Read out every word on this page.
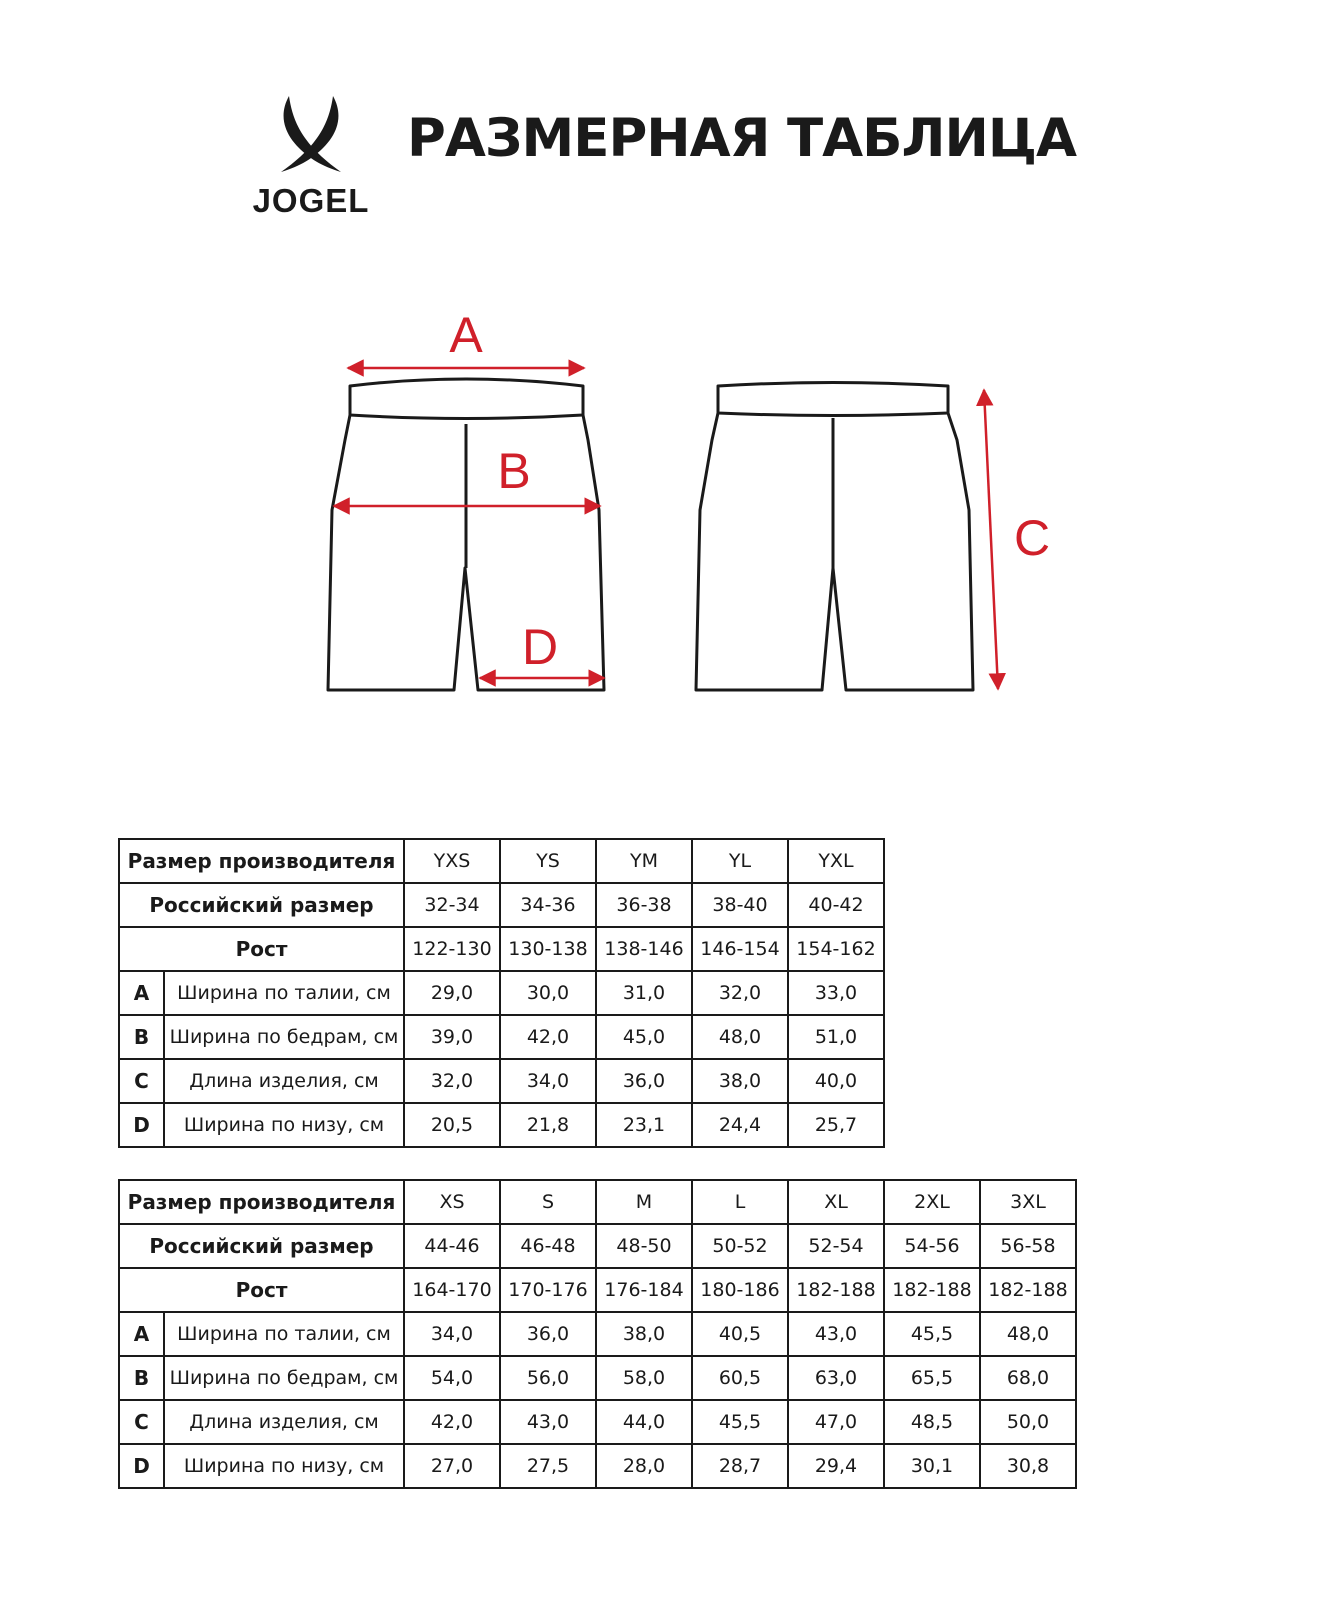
JOGEL
РАЗМЕРНАЯ ТАБЛИЦА
A
B
C
D
Размер производителя		YXS	YS	YM	YL	YXL
Российский размер		32-34	34-36	36-38	38-40	40-42
Рост		122-130	130-138	138-146	146-154	154-162
A	Ширина по талии, см	29,0	30,0	31,0	32,0	33,0
B	Ширина по бедрам, см	39,0	42,0	45,0	48,0	51,0
C	Длина изделия, см	32,0	34,0	36,0	38,0	40,0
D	Ширина по низу, см	20,5	21,8	23,1	24,4	25,7
Размер производителя		XS	S	M	L	XL	2XL	3XL
Российский размер		44-46	46-48	48-50	50-52	52-54	54-56	56-58
Рост		164-170	170-176	176-184	180-186	182-188	182-188	182-188
A	Ширина по талии, см	34,0	36,0	38,0	40,5	43,0	45,5	48,0
B	Ширина по бедрам, см	54,0	56,0	58,0	60,5	63,0	65,5	68,0
C	Длина изделия, см	42,0	43,0	44,0	45,5	47,0	48,5	50,0
D	Ширина по низу, см	27,0	27,5	28,0	28,7	29,4	30,1	30,8
